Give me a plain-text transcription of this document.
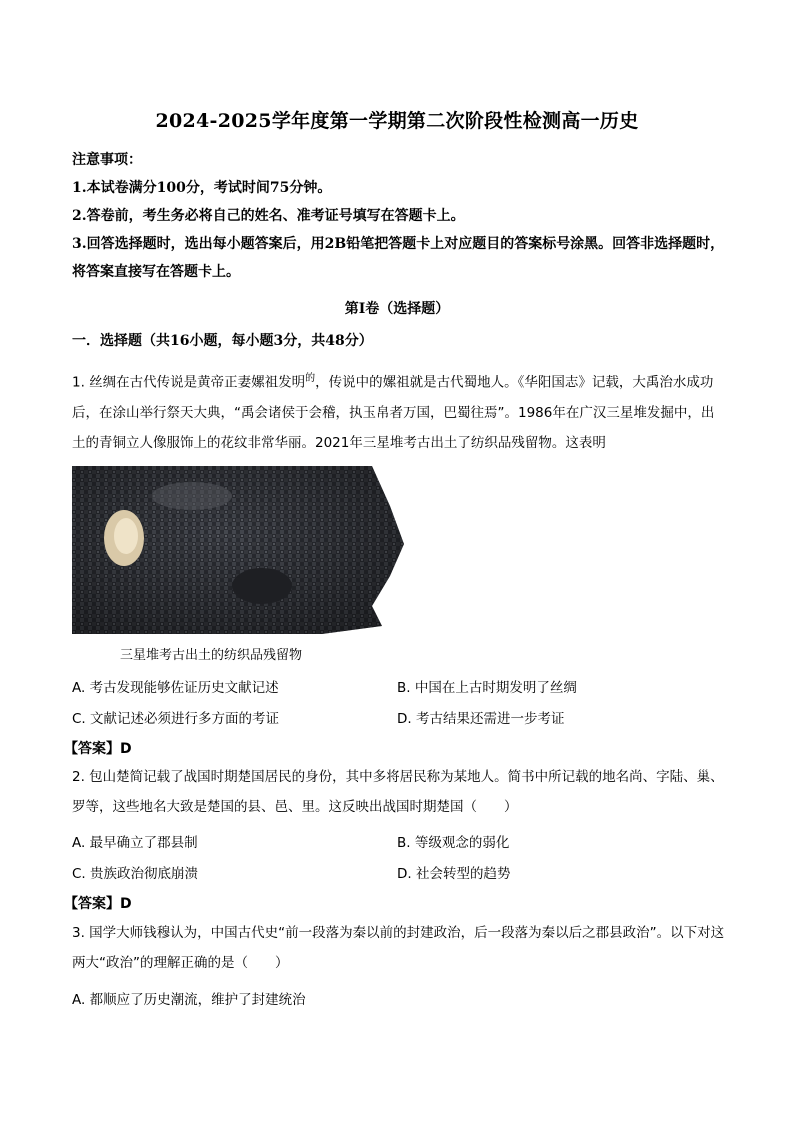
2024-2025学年度第一学期第二次阶段性检测高一历史
注意事项：
1.本试卷满分100分，考试时间75分钟。
2.答卷前，考生务必将自己的姓名、准考证号填写在答题卡上。
3.回答选择题时，选出每小题答案后，用2B铅笔把答题卡上对应题目的答案标号涂黑。回答非选择题时，将答案直接写在答题卡上。
第Ⅰ卷（选择题）
一．选择题（共16小题，每小题3分，共48分）
1. 丝绸在古代传说是黄帝正妻嫘祖发明$^的$，传说中的嫘祖就是古代蜀地人。《华阳国志》记载，大禹治水成功后，在涂山举行祭天大典，“禹会诸侯于会稽，执玉帛者万国，巴蜀往焉”。1986年在广汉三星堆发掘中，出土的青铜立人像服饰上的花纹非常华丽。2021年三星堆考古出土了纺织品残留物。这表明
三星堆考古出土的纺织品残留物
A. 考古发现能够佐证历史文献记述	B. 中国在上古时期发明了丝绸
C. 文献记述必须进行多方面的考证	D. 考古结果还需进一步考证
【答案】D
2. 包山楚简记载了战国时期楚国居民的身份，其中多将居民称为某地人。简书中所记载的地名尚、字陆、巢、罗等，这些地名大致是楚国的县、邑、里。这反映出战国时期楚国（　　）
A. 最早确立了郡县制	B. 等级观念的弱化
C. 贵族政治彻底崩溃	D. 社会转型的趋势
【答案】D
3. 国学大师钱穆认为，中国古代史“前一段落为秦以前的封建政治，后一段落为秦以后之郡县政治”。以下对这两大“政治”的理解正确的是（　　）
A. 都顺应了历史潮流，维护了封建统治
